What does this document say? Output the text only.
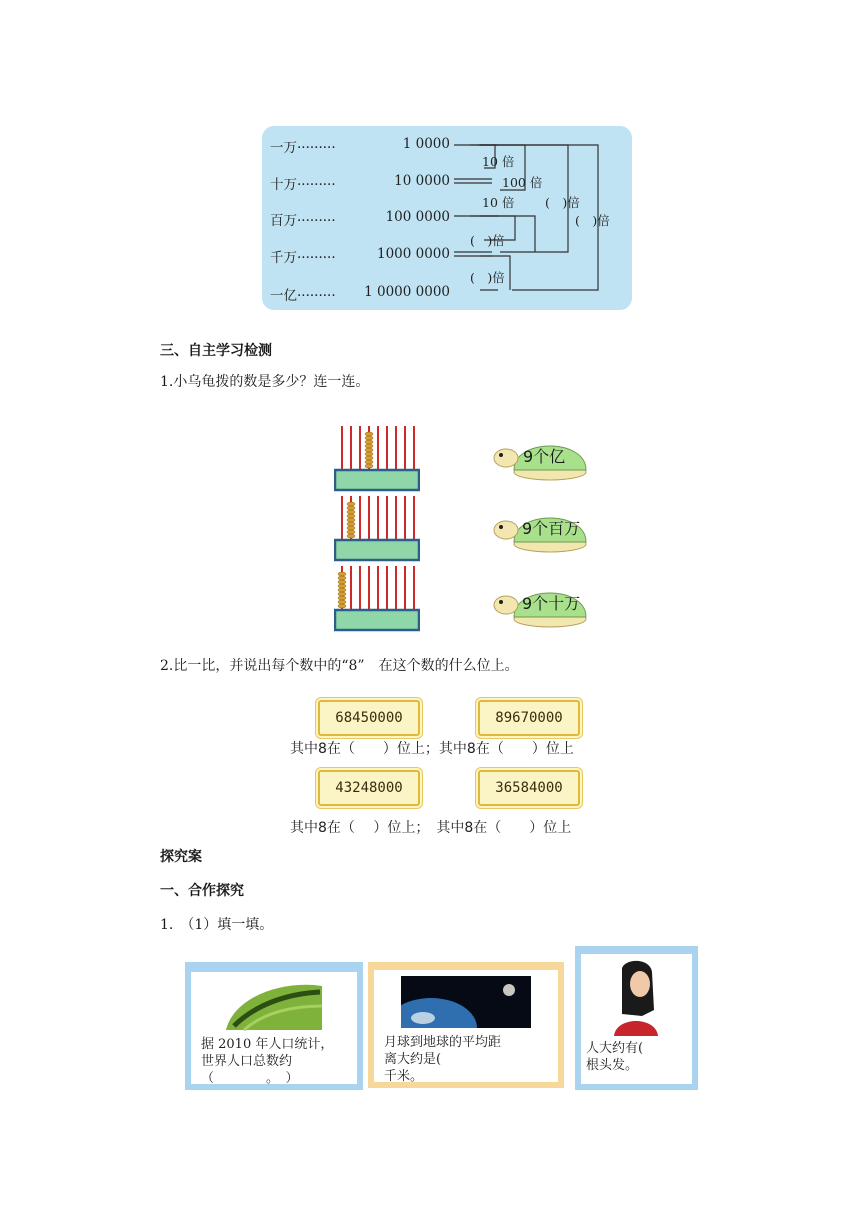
一万·········
十万·········
百万·········
千万·········
一亿·········
1 0000
10 0000
100 0000
1000 0000
1 0000 0000
10 倍
100 倍
10 倍 (　)倍
(　)倍
(　)倍
(　)倍
三、自主学习检测
1.小乌龟拨的数是多少？连一连。
9个亿
9个百万
9个十万
2.比一比，并说出每个数中的“8”　在这个数的什么位上。
68450000	89670000
其中8在（　　）位上；其中8在（　　）位上
43248000	36584000
其中8在（　 ）位上；　其中8在（　　）位上
探究案
一、合作探究
1.　（1）填一填。
据 2010 年人口统计，
世界人口总数约
（　　　　。　）
月球到地球的平均距
离大约是(
千米。
人大约有(
根头发。
